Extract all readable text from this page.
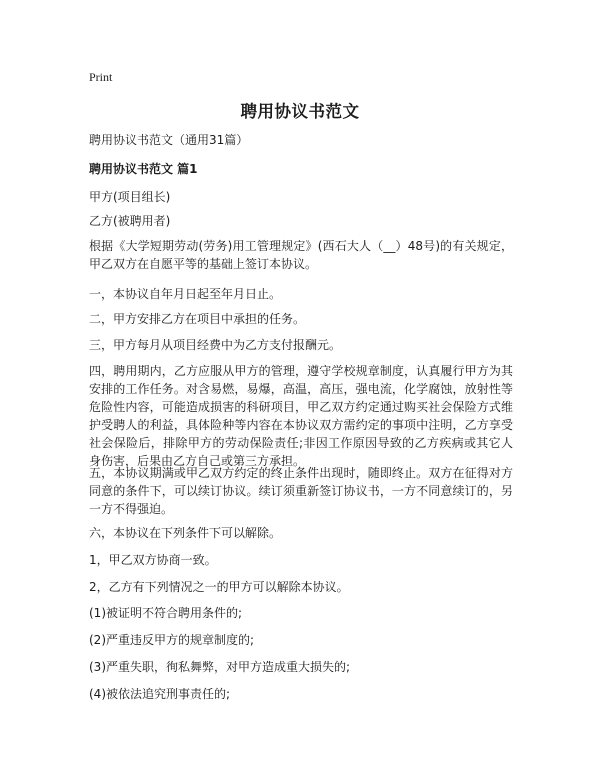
Print
聘用协议书范文
聘用协议书范文（通用31篇）
聘用协议书范文 篇1
甲方(项目组长)
乙方(被聘用者)
根据《大学短期劳动(劳务)用工管理规定》(西石大人（__）48号)的有关规定，甲乙双方在自愿平等的基础上签订本协议。
一，本协议自年月日起至年月日止。
二，甲方安排乙方在项目中承担的任务。
三，甲方每月从项目经费中为乙方支付报酬元。
四，聘用期内，乙方应服从甲方的管理，遵守学校规章制度，认真履行甲方为其安排的工作任务。对含易燃，易爆，高温，高压，强电流，化学腐蚀，放射性等危险性内容，可能造成损害的科研项目，甲乙双方约定通过购买社会保险方式维护受聘人的利益，具体险种等内容在本协议双方需约定的事项中注明，乙方享受社会保险后，排除甲方的劳动保险责任;非因工作原因导致的乙方疾病或其它人身伤害，后果由乙方自己或第三方承担。
五，本协议期满或甲乙双方约定的终止条件出现时，随即终止。双方在征得对方同意的条件下，可以续订协议。续订须重新签订协议书，一方不同意续订的，另一方不得强迫。
六，本协议在下列条件下可以解除。
1，甲乙双方协商一致。
2，乙方有下列情况之一的甲方可以解除本协议。
(1)被证明不符合聘用条件的;
(2)严重违反甲方的规章制度的;
(3)严重失职，徇私舞弊，对甲方造成重大损失的;
(4)被依法追究刑事责任的;
